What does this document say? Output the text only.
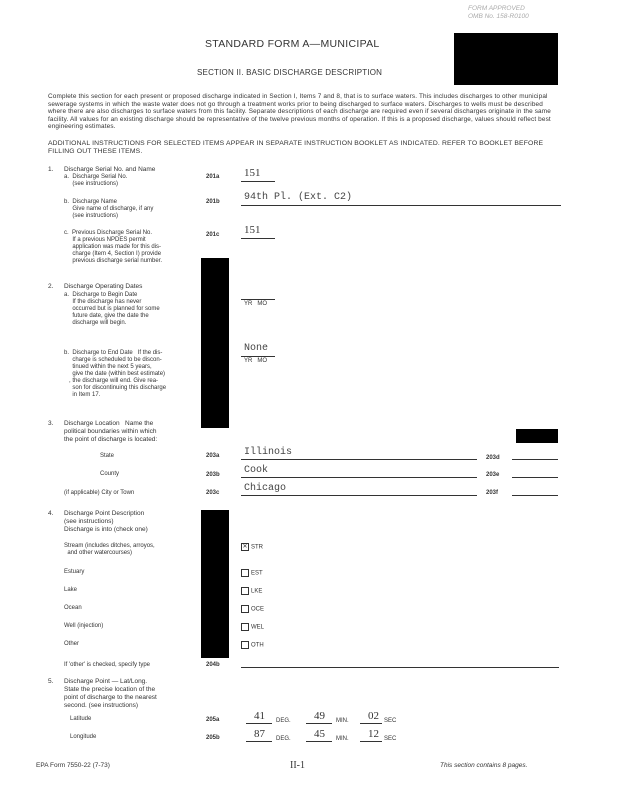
FORM APPROVED
OMB No. 158-R0100
STANDARD FORM A—MUNICIPAL
SECTION II. BASIC DISCHARGE DESCRIPTION
Complete this section for each present or proposed discharge indicated in Section I, Items 7 and 8, that is to surface waters. This includes discharges to other municipal sewerage systems in which the waste water does not go through a treatment works prior to being discharged to surface waters. Discharges to wells must be described where there are also discharges to surface waters from this facility. Separate descriptions of each discharge are required even if several discharges originate in the same facility. All values for an existing discharge should be representative of the twelve previous months of operation. If this is a proposed discharge, values should reflect best engineering estimates.
ADDITIONAL INSTRUCTIONS FOR SELECTED ITEMS APPEAR IN SEPARATE INSTRUCTION BOOKLET AS INDICATED. REFER TO BOOKLET BEFORE FILLING OUT THESE ITEMS.
1. Discharge Serial No. and Name
a.  Discharge Serial No.
(see instructions)
201a 151
b.  Discharge Name
Give name of discharge, if any
(see instructions)
201b 94th Pl. (Ext. C2)
c.  Previous Discharge Serial No.
If a previous NPDES permit
application was made for this dis-
charge (Item 4, Section I) provide
previous discharge serial number.
201c 151
2. Discharge Operating Dates
a.  Discharge to Begin Date
If the discharge has never
occurred but is planned for some
future date, give the date the
discharge will begin.
YR   MO
b.  Discharge to End Date   If the dis-
charge is scheduled to be discon-
tinued within the next 5 years,
give the date (within best estimate)
, the discharge will end. Give rea-
son for discontinuing this discharge
in Item 17.
None
YR   MO
3. Discharge Location   Name the
political boundaries within which
the point of discharge is located:
State	203a Illinois	203d
County	203b Cook	203e
(if applicable) City or Town	203c Chicago	203f
4. Discharge Point Description
(see instructions)
Discharge is into (check one)
Stream (includes ditches, arroyos,
and other watercourses)
✕ STR
Estuary	EST
Lake	LKE
Ocean	OCE
Well (injection)	WEL
Other	OTH
If 'other' is checked, specify type	204b
5. Discharge Point — Lat/Long.
State the precise location of the
point of discharge to the nearest
second. (see instructions)
Latitude	205a	41 DEG. 49 MIN. 02 SEC
Longitude	205b	87 DEG. 45 MIN. 12 SEC
EPA Form 7550-22 (7-73)	II-1	This section contains 8 pages.
